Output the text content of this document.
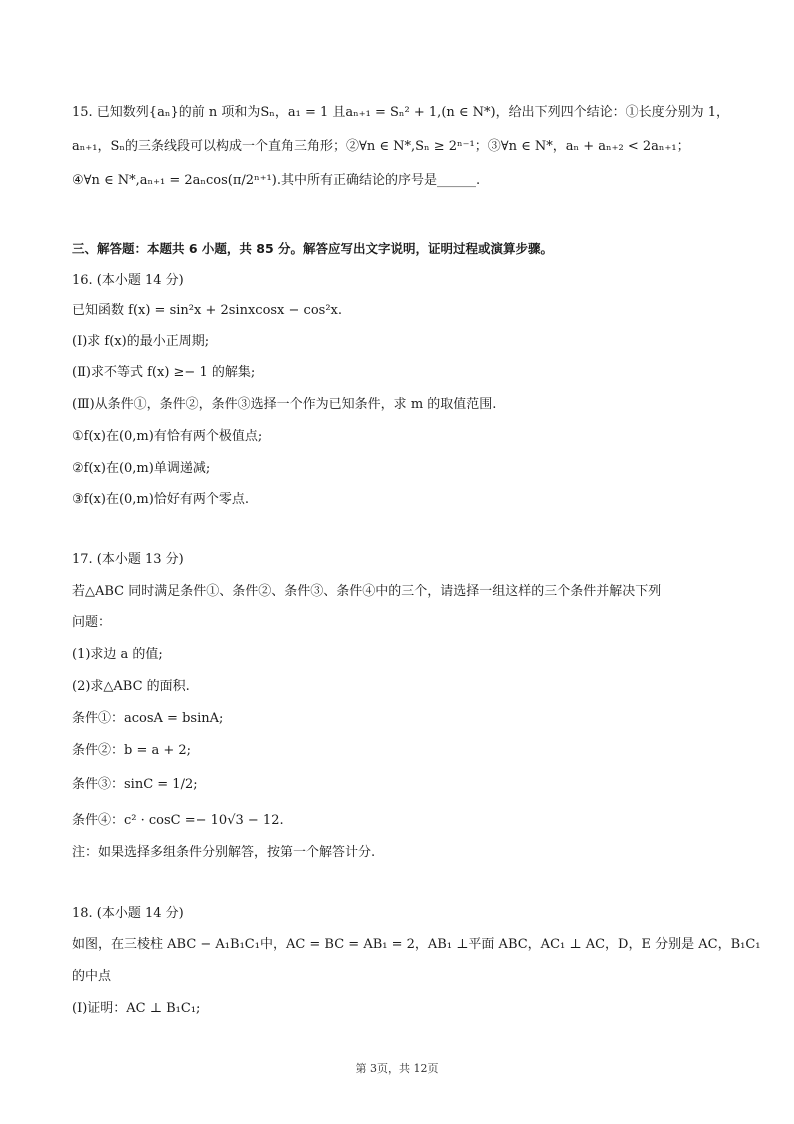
15. 已知数列{aₙ}的前 n 项和为Sₙ，a₁ = 1 且aₙ₊₁ = Sₙ² + 1,(n ∈ N*)，给出下列四个结论：①长度分别为 1，
aₙ₊₁，Sₙ的三条线段可以构成一个直角三角形；②∀n ∈ N*,Sₙ ≥ 2ⁿ⁻¹；③∀n ∈ N*，aₙ + aₙ₊₂ < 2aₙ₊₁；
④∀n ∈ N*,aₙ₊₁ = 2aₙcos(π/2ⁿ⁺¹).其中所有正确结论的序号是______.
三、解答题：本题共 6 小题，共 85 分。解答应写出文字说明，证明过程或演算步骤。
16. (本小题 14 分)
已知函数 f(x) = sin²x + 2sinxcosx − cos²x.
(Ⅰ)求 f(x)的最小正周期;
(Ⅱ)求不等式 f(x) ≥− 1 的解集;
(Ⅲ)从条件①，条件②，条件③选择一个作为已知条件，求 m 的取值范围.
①f(x)在(0,m)有恰有两个极值点;
②f(x)在(0,m)单调递减;
③f(x)在(0,m)恰好有两个零点.
17. (本小题 13 分)
若△ABC 同时满足条件①、条件②、条件③、条件④中的三个，请选择一组这样的三个条件并解决下列
问题：
(1)求边 a 的值;
(2)求△ABC 的面积.
条件①：acosA = bsinA;
条件②：b = a + 2;
条件③：sinC = 1/2;
条件④：c² · cosC =− 10√3 − 12.
注：如果选择多组条件分别解答，按第一个解答计分.
18. (本小题 14 分)
如图，在三棱柱 ABC − A₁B₁C₁中，AC = BC = AB₁ = 2，AB₁ ⊥平面 ABC，AC₁ ⊥ AC，D，E 分别是 AC，B₁C₁
的中点
(Ⅰ)证明：AC ⊥ B₁C₁;
第 3页，共 12页
